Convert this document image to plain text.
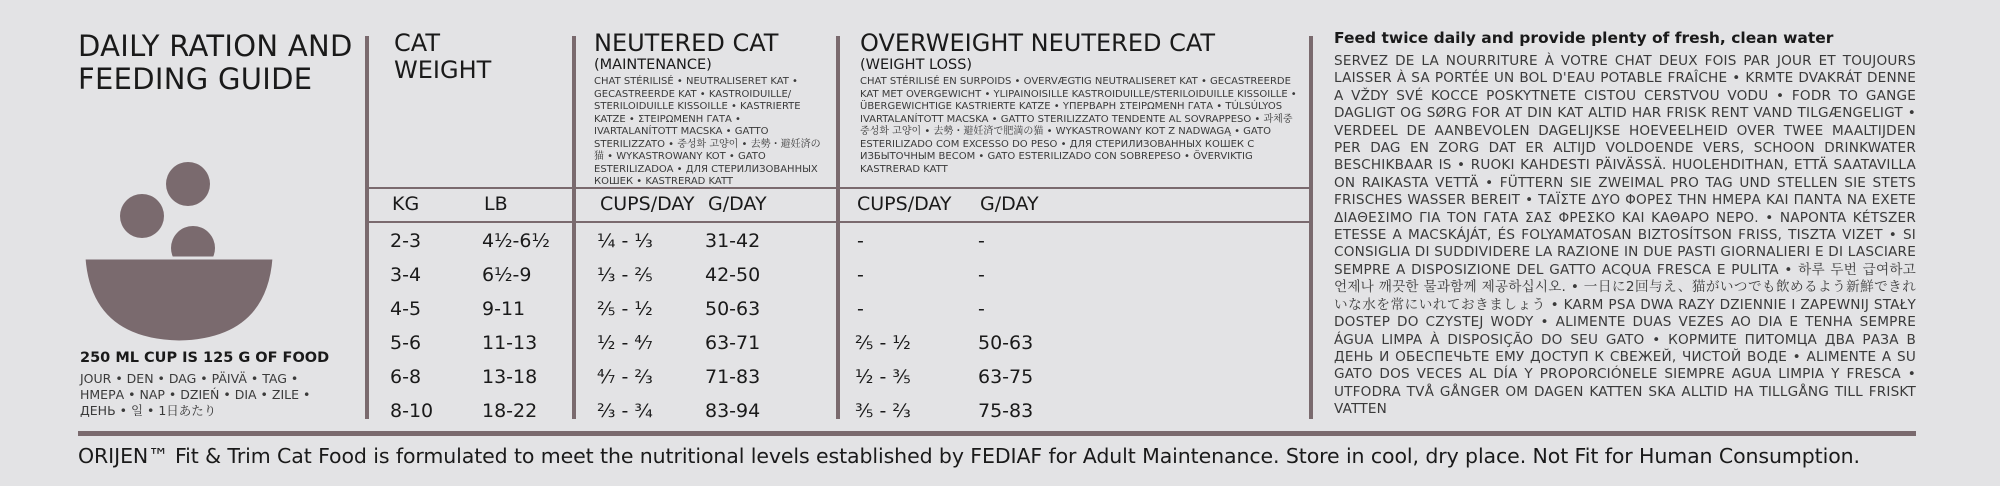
DAILY RATION AND FEEDING GUIDE
250 ML CUP IS 125 G OF FOOD
JOUR • DEN • DAG • PÄIVÄ • TAG • ΗΜΕΡΑ • NAP • DZIEŃ • DIA • ZILE • ДЕНЬ • 일 • 1日あたり
CAT WEIGHT
NEUTERED CAT
(MAINTENANCE)
CHAT STÉRILISÉ • NEUTRALISERET KAT • GECASTREERDE KAT • KASTROIDUILLE/ STERILOIDUILLE KISSOILLE • KASTRIERTE KATZE • ΣΤΕΙΡΩΜΕΝΗ ΓΑΤΑ • IVARTALANÍTOTT MACSKA • GATTO STERILIZZATO • 중성화 고양이 • 去勢・避妊済の猫 • WYKASTROWANY KOT • GATO ESTERILIZADOA • ДЛЯ СТЕРИЛИЗОВАННЫХ КОШЕК • KASTRERAD KATT
OVERWEIGHT NEUTERED CAT
(WEIGHT LOSS)
CHAT STÉRILISÉ EN SURPOIDS • OVERVÆGTIG NEUTRALISERET KAT • GECASTREERDE KAT MET OVERGEWICHT • YLIPAINOISILLE KASTROIDUILLE/STERILOIDUILLE KISSOILLE • ÜBERGEWICHTIGE KASTRIERTE KATZE • ΥΠΕΡΒΑΡΗ ΣΤΕΙΡΩΜΕΝΗ ΓΑΤΑ • TÚLSÚLYOS IVARTALANÍTOTT MACSKA • GATTO STERILIZZATO TENDENTE AL SOVRAPPESO • 과체중 중성화 고양이 • 去勢・避妊済で肥満の猫 • WYKASTROWANY KOT Z NADWAGĄ • GATO ESTERILIZADO COM EXCESSO DO PESO • ДЛЯ СТЕРИЛИЗОВАННЫХ КОШЕК С ИЗБЫТОЧНЫМ ВЕСОМ • GATO ESTERILIZADO CON SOBREPESO • ÖVERVIKTIG KASTRERAD KATT
KG	LB	CUPS/DAY G/DAY	CUPS/DAY G/DAY
2-3	4½-6½ ¼ - ⅓	31-42	-	-
3-4	6½-9	⅓ - ⅖	42-50	-	-
4-5	9-11	⅖ - ½	50-63	-	-
5-6	11-13	½ - ⁴⁄₇	63-71	⅖ - ½	50-63
6-8	13-18	⁴⁄₇ - ⅔	71-83	½ - ⅗	63-75
8-10	18-22	⅔ - ¾	83-94	⅗ - ⅔	75-83
Feed twice daily and provide plenty of fresh, clean water
SERVEZ DE LA NOURRITURE À VOTRE CHAT DEUX FOIS PAR JOUR ET TOUJOURS LAISSER À SA PORTÉE UN BOL D'EAU POTABLE FRAÎCHE • KRMTE DVAKRÁT DENNE A VŽDY SVÉ KOCCE POSKYTNETE CISTOU CERSTVOU VODU • FODR TO GANGE DAGLIGT OG SØRG FOR AT DIN KAT ALTID HAR FRISK RENT VAND TILGÆNGELIGT • VERDEEL DE AANBEVOLEN DAGELIJKSE HOEVEELHEID OVER TWEE MAALTIJDEN PER DAG EN ZORG DAT ER ALTIJD VOLDOENDE VERS, SCHOON DRINKWATER BESCHIKBAAR IS • RUOKI KAHDESTI PÄIVÄSSÄ. HUOLEHDITHAN, ETTÄ SAATAVILLA ON RAIKASTA VETTÄ • FÜTTERN SIE ZWEIMAL PRO TAG UND STELLEN SIE STETS FRISCHES WASSER BEREIT • ΤΑΪΣΤΕ ΔΥΟ ΦΟΡΕΣ ΤΗΝ ΗΜΕΡΑ ΚΑΙ ΠΑΝΤΑ ΝΑ ΕΧΕΤΕ ΔΙΑΘΕΣΙΜΟ ΓΙΑ ΤΟΝ ΓΑΤΑ ΣΑΣ ΦΡΕΣΚΟ ΚΑΙ ΚΑΘΑΡΟ ΝΕΡΟ. • NAPONTA KÉTSZER ETESSE A MACSKÁJÁT, ÉS FOLYAMATOSAN BIZTOSÍTSON FRISS, TISZTA VIZET • SI CONSIGLIA DI SUDDIVIDERE LA RAZIONE IN DUE PASTI GIORNALIERI E DI LASCIARE SEMPRE A DISPOSIZIONE DEL GATTO ACQUA FRESCA E PULITA • 하루 두번 급여하고 언제나 깨끗한 물과함께 제공하십시오. • 一日に2回与え、猫がいつでも飲めるよう新鮮できれいな水を常にいれておきましょう • KARM PSA DWA RAZY DZIENNIE I ZAPEWNIJ STAŁY DOSTEP DO CZYSTEJ WODY • ALIMENTE DUAS VEZES AO DIA E TENHA SEMPRE ÁGUA LIMPA À DISPOSIÇÃO DO SEU GATO • КОРМИТЕ ПИТОМЦА ДВА РАЗА В ДЕНЬ И ОБЕСПЕЧЬТЕ ЕМУ ДОСТУП К СВЕЖЕЙ, ЧИСТОЙ ВОДЕ • ALIMENTE A SU GATO DOS VECES AL DÍA Y PROPORCIÓNELE SIEMPRE AGUA LIMPIA Y FRESCA • UTFODRA TVÅ GÅNGER OM DAGEN KATTEN SKA ALLTID HA TILLGÅNG TILL FRISKT VATTEN
ORIJEN™ Fit & Trim Cat Food is formulated to meet the nutritional levels established by FEDIAF for Adult Maintenance. Store in cool, dry place. Not Fit for Human Consumption.
